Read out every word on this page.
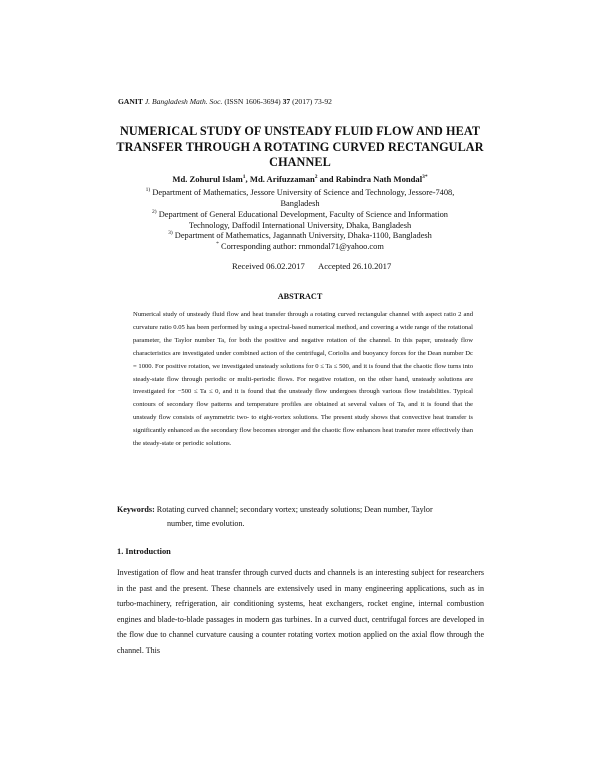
GANIT J. Bangladesh Math. Soc. (ISSN 1606-3694) 37 (2017) 73-92
NUMERICAL STUDY OF UNSTEADY FLUID FLOW AND HEAT TRANSFER THROUGH A ROTATING CURVED RECTANGULAR CHANNEL
Md. Zohurul Islam$^1$, Md. Arifuzzaman$^2$ and Rabindra Nath Mondal$^{3*}$
$^{1)}$ Department of Mathematics, Jessore University of Science and Technology, Jessore-7408, Bangladesh
$^{2)}$ Department of General Educational Development, Faculty of Science and Information Technology, Daffodil International University, Dhaka, Bangladesh
$^{3)}$ Department of Mathematics, Jagannath University, Dhaka-1100, Bangladesh
* Corresponding author: rnmondal71@yahoo.com
Received 06.02.2017 Accepted 26.10.2017
ABSTRACT
Numerical study of unsteady fluid flow and heat transfer through a rotating curved rectangular channel with aspect ratio 2 and curvature ratio 0.05 has been performed by using a spectral-based numerical method, and covering a wide range of the rotational parameter, the Taylor number Ta, for both the positive and negative rotation of the channel. In this paper, unsteady flow characteristics are investigated under combined action of the centrifugal, Coriolis and buoyancy forces for the Dean number Dc = 1000. For positive rotation, we investigated unsteady solutions for 0 ≤ Ta ≤ 500, and it is found that the chaotic flow turns into steady-state flow through periodic or multi-periodic flows. For negative rotation, on the other hand, unsteady solutions are investigated for −500 ≤ Ta ≤ 0, and it is found that the unsteady flow undergoes through various flow instabilities. Typical contours of secondary flow patterns and temperature profiles are obtained at several values of Ta, and it is found that the unsteady flow consists of asymmetric two- to eight-vortex solutions. The present study shows that convective heat transfer is significantly enhanced as the secondary flow becomes stronger and the chaotic flow enhances heat transfer more effectively than the steady-state or periodic solutions.
Keywords: Rotating curved channel; secondary vortex; unsteady solutions; Dean number, Taylor
number, time evolution.
1. Introduction
Investigation of flow and heat transfer through curved ducts and channels is an interesting subject for researchers in the past and the present. These channels are extensively used in many engineering applications, such as in turbo-machinery, refrigeration, air conditioning systems, heat exchangers, rocket engine, internal combustion engines and blade-to-blade passages in modern gas turbines. In a curved duct, centrifugal forces are developed in the flow due to channel curvature causing a counter rotating vortex motion applied on the axial flow through the channel. This
